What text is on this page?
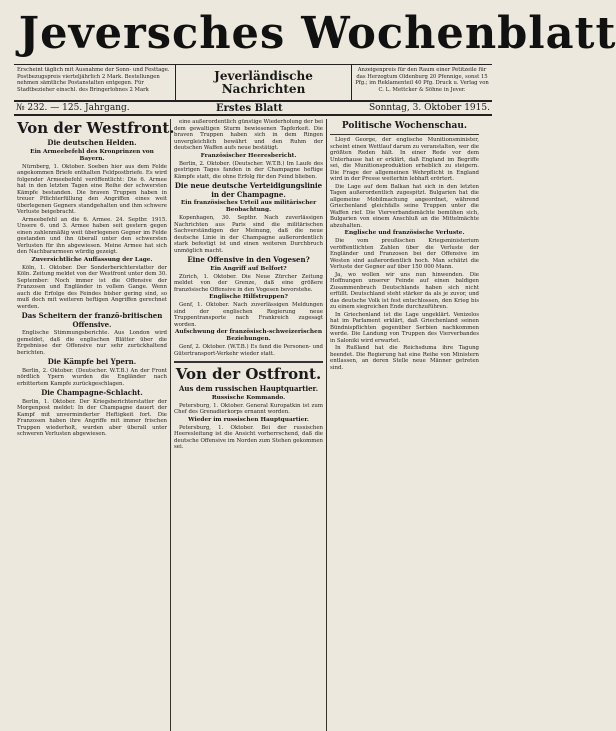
Jeversches Wochenblatt
Erscheint täglich mit Ausnahme der Sonn- und Festtage. Postbezugspreis vierteljährlich 2 Mark. Bestellungen nehmen sämtliche Postanstalten entgegen. Für Stadtbezieher einschl. des Bringerlohnes 2 Mark
Jeverländische
Nachrichten
Anzeigenpreis für den Raum einer Petitzeile für das Herzogtum Oldenburg 20 Pfennige, sonst 15 Pfg.; im Reklamenteil 40 Pfg. Druck u. Verlag von C. L. Mettcker & Söhne in Jever.
№ 232. — 125. Jahrgang.	Erstes Blatt	Sonntag, 3. Oktober 1915.
Von der Westfront.
Die deutschen Helden.
Ein Armeebefehl des Kronprinzen von Bayern.

Nürnberg, 1. Oktober. Soeben hier aus dem Felde angekommen Briefe enthalten Feldpostbriefe. Es wird folgender Armeebefehl veröffentlicht: Die 6. Armee hat in den letzten Tagen eine Reihe der schwersten Kämpfe bestanden. Die braven Truppen haben in treuer Pflichterfüllung den Angriffen eines weit überlegenen Gegners standgehalten und ihm schwere Verluste beigebracht.

Armeebefehl an die 6. Armee. 24. Septbr. 1915. Unsere 6. und 3. Armee haben seit gestern gegen einen zahlenmäßig weit überlegenen Gegner im Felde gestanden und ihn überall unter den schwersten Verlusten für ihn abgewiesen. Meine Armee hat sich den Nachbararmeen würdig gezeigt.

Zuversichtliche Auffassung der Lage.

Köln, 1. Oktober. Der Sonderberichterstatter der Köln. Zeitung meldet von der Westfront unter dem 30. September: Noch immer ist die Offensive der Franzosen und Engländer in vollem Gange. Wenn auch die Erfolge des Feindes bisher gering sind, so muß doch mit weiteren heftigen Angriffen gerechnet werden.

Das Scheitern der franzö-britischen Offensive.

Englische Stimmungsberichte. Aus London wird gemeldet, daß die englischen Blätter über die Ergebnisse der Offensive nur sehr zurückhaltend berichten.

Die Kämpfe bei Ypern.

Berlin, 2. Oktober. (Deutscher. W.T.B.) An der Front nördlich Ypern wurden die Engländer nach erbittertem Kampfe zurückgeschlagen.

Die Champagne-Schlacht.

Berlin, 1. Oktober. Der Kriegsberichterstatter der Morgenpost meldet: In der Champagne dauert der Kampf mit unverminderter Heftigkeit fort. Die Franzosen haben ihre Angriffe mit immer frischen Truppen wiederholt, wurden aber überall unter schweren Verlusten abgewiesen.

eine außerordentlich günstige Wiederholung der bei dem gewaltigen Sturm bewiesenen Tapferkeit. Die braven Truppen haben sich in dem Ringen unvergleichlich bewährt und den Ruhm der deutschen Waffen aufs neue bestätigt.

Französischer Heeresbericht.

Berlin, 2. Oktober. (Deutscher. W.T.B.) Im Laufe des gestrigen Tages fanden in der Champagne heftige Kämpfe statt, die ohne Erfolg für den Feind blieben.

Die neue deutsche Verteidigungslinie in der Champagne.
Ein französisches Urteil aus militärischer Beobachtung.

Kopenhagen, 30. Septbr. Nach zuverlässigen Nachrichten aus Paris sind die militärischen Sachverständigen der Meinung, daß die neue deutsche Linie in der Champagne außerordentlich stark befestigt ist und einen weiteren Durchbruch unmöglich macht.

Eine Offensive in den Vogesen?
Ein Angriff auf Belfort?

Zürich, 1. Oktober. Die Neue Zürcher Zeitung meldet von der Grenze, daß eine größere französische Offensive in den Vogesen bevorstehe.

Englische Hilfstruppen?

Genf, 1. Oktober. Nach zuverlässigen Meldungen sind der englischen Regierung neue Truppentransporte nach Frankreich zugesagt worden.

Aufschwung der französisch-schweizerischen Beziehungen.

Genf, 2. Oktober. (W.T.B.) Es fand die Personen- und Gütertransport-Verkehr wieder statt.

Von der Ostfront.
Aus dem russischen Hauptquartier.
Russische Kommando.

Petersburg, 1. Oktober. General Kuropatkin ist zum Chef des Grenadierkorps ernannt worden.

Wieder im russischen Hauptquartier.

Petersburg, 1. Oktober. Bei der russischen Heeresleitung ist die Ansicht vorherrschend, daß die deutsche Offensive im Norden zum Stehen gekommen sei.

Politische Wochenschau.

Lloyd George, der englische Munitionsminister, scheint einen Wettlauf darum zu veranstalten, wer die größten Reden hält. In einer Rede vor dem Unterhause hat er erklärt, daß England im Begriffe sei, die Munitionsproduktion erheblich zu steigern. Die Frage der allgemeinen Wehrpflicht in England wird in der Presse weiterhin lebhaft erörtert.

Die Lage auf dem Balkan hat sich in den letzten Tagen außerordentlich zugespitzt. Bulgarien hat die allgemeine Mobilmachung angeordnet, während Griechenland gleichfalls seine Truppen unter die Waffen rief. Die Vierverbandsmächte bemühen sich, Bulgarien von einem Anschluß an die Mittelmächte abzuhalten.

Englische und französische Verluste.

Die vom preußischen Kriegsministerium veröffentlichten Zahlen über die Verluste der Engländer und Franzosen bei der Offensive im Westen sind außerordentlich hoch. Man schätzt die Verluste der Gegner auf über 150 000 Mann.

Ja, wo wollen wir uns nun hinwenden. Die Hoffnungen unserer Feinde auf einen baldigen Zusammenbruch Deutschlands haben sich nicht erfüllt. Deutschland steht stärker da als je zuvor, und das deutsche Volk ist fest entschlossen, den Krieg bis zu einem siegreichen Ende durchzuführen.

In Griechenland ist die Lage ungeklärt. Venizelos hat im Parlament erklärt, daß Griechenland seinen Bündnispflichten gegenüber Serbien nachkommen werde. Die Landung von Truppen des Vierverbandes in Saloniki wird erwartet.

In Rußland hat die Reichsduma ihre Tagung beendet. Die Regierung hat eine Reihe von Ministern entlassen, an deren Stelle neue Männer getreten sind.
